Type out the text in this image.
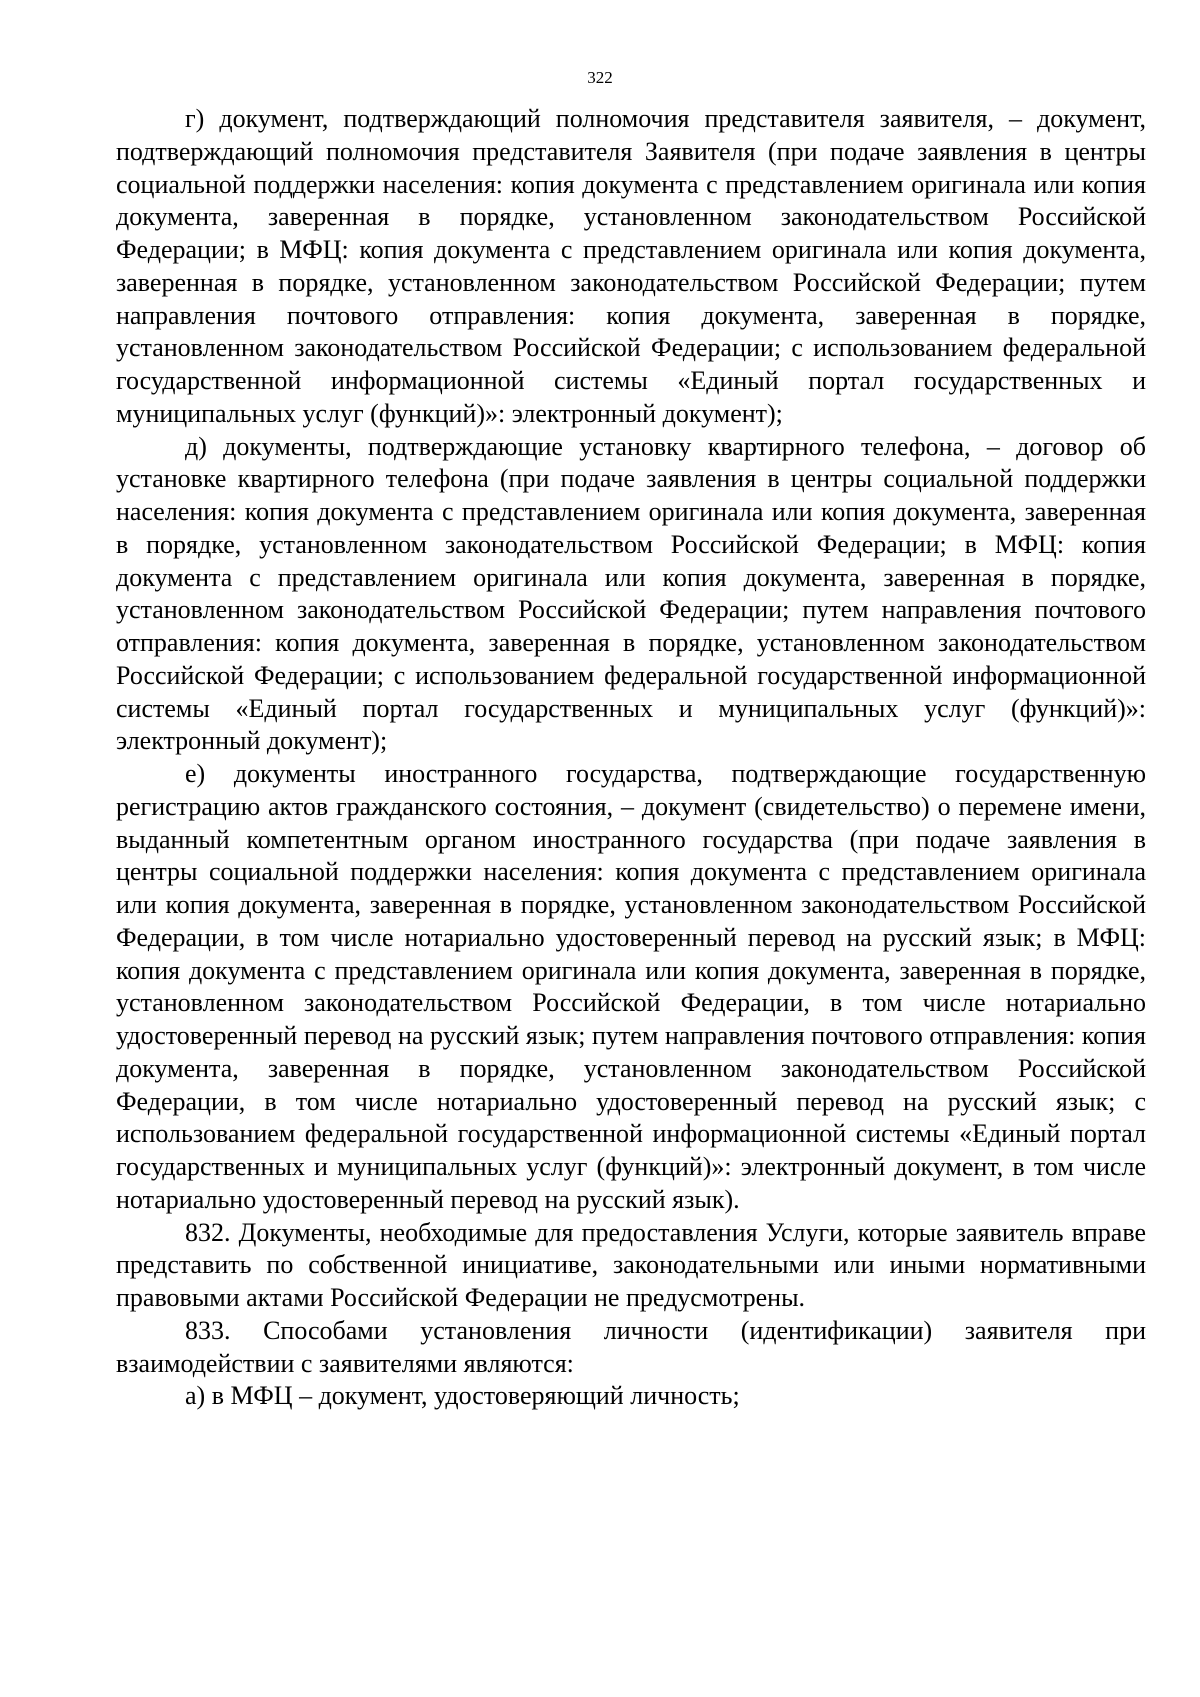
322

г) документ, подтверждающий полномочия представителя заявителя, – документ, подтверждающий полномочия представителя Заявителя (при подаче заявления в центры социальной поддержки населения: копия документа с представлением оригинала или копия документа, заверенная в порядке, установленном законодательством Российской Федерации; в МФЦ: копия документа с представлением оригинала или копия документа, заверенная в порядке, установленном законодательством Российской Федерации; путем направления почтового отправления: копия документа, заверенная в порядке, установленном законодательством Российской Федерации; с использованием федеральной государственной информационной системы «Единый портал государственных и муниципальных услуг (функций)»: электронный документ);

д) документы, подтверждающие установку квартирного телефона, – договор об установке квартирного телефона (при подаче заявления в центры социальной поддержки населения: копия документа с представлением оригинала или копия документа, заверенная в порядке, установленном законодательством Российской Федерации; в МФЦ: копия документа с представлением оригинала или копия документа, заверенная в порядке, установленном законодательством Российской Федерации; путем направления почтового отправления: копия документа, заверенная в порядке, установленном законодательством Российской Федерации; с использованием федеральной государственной информационной системы «Единый портал государственных и муниципальных услуг (функций)»: электронный документ);

е) документы иностранного государства, подтверждающие государственную регистрацию актов гражданского состояния, – документ (свидетельство) о перемене имени, выданный компетентным органом иностранного государства (при подаче заявления в центры социальной поддержки населения: копия документа с представлением оригинала или копия документа, заверенная в порядке, установленном законодательством Российской Федерации, в том числе нотариально удостоверенный перевод на русский язык; в МФЦ: копия документа с представлением оригинала или копия документа, заверенная в порядке, установленном законодательством Российской Федерации, в том числе нотариально удостоверенный перевод на русский язык; путем направления почтового отправления: копия документа, заверенная в порядке, установленном законодательством Российской Федерации, в том числе нотариально удостоверенный перевод на русский язык; с использованием федеральной государственной информационной системы «Единый портал государственных и муниципальных услуг (функций)»: электронный документ, в том числе нотариально удостоверенный перевод на русский язык).

832. Документы, необходимые для предоставления Услуги, которые заявитель вправе представить по собственной инициативе, законодательными или иными нормативными правовыми актами Российской Федерации не предусмотрены.

833. Способами установления личности (идентификации) заявителя при взаимодействии с заявителями являются:

а) в МФЦ – документ, удостоверяющий личность;
